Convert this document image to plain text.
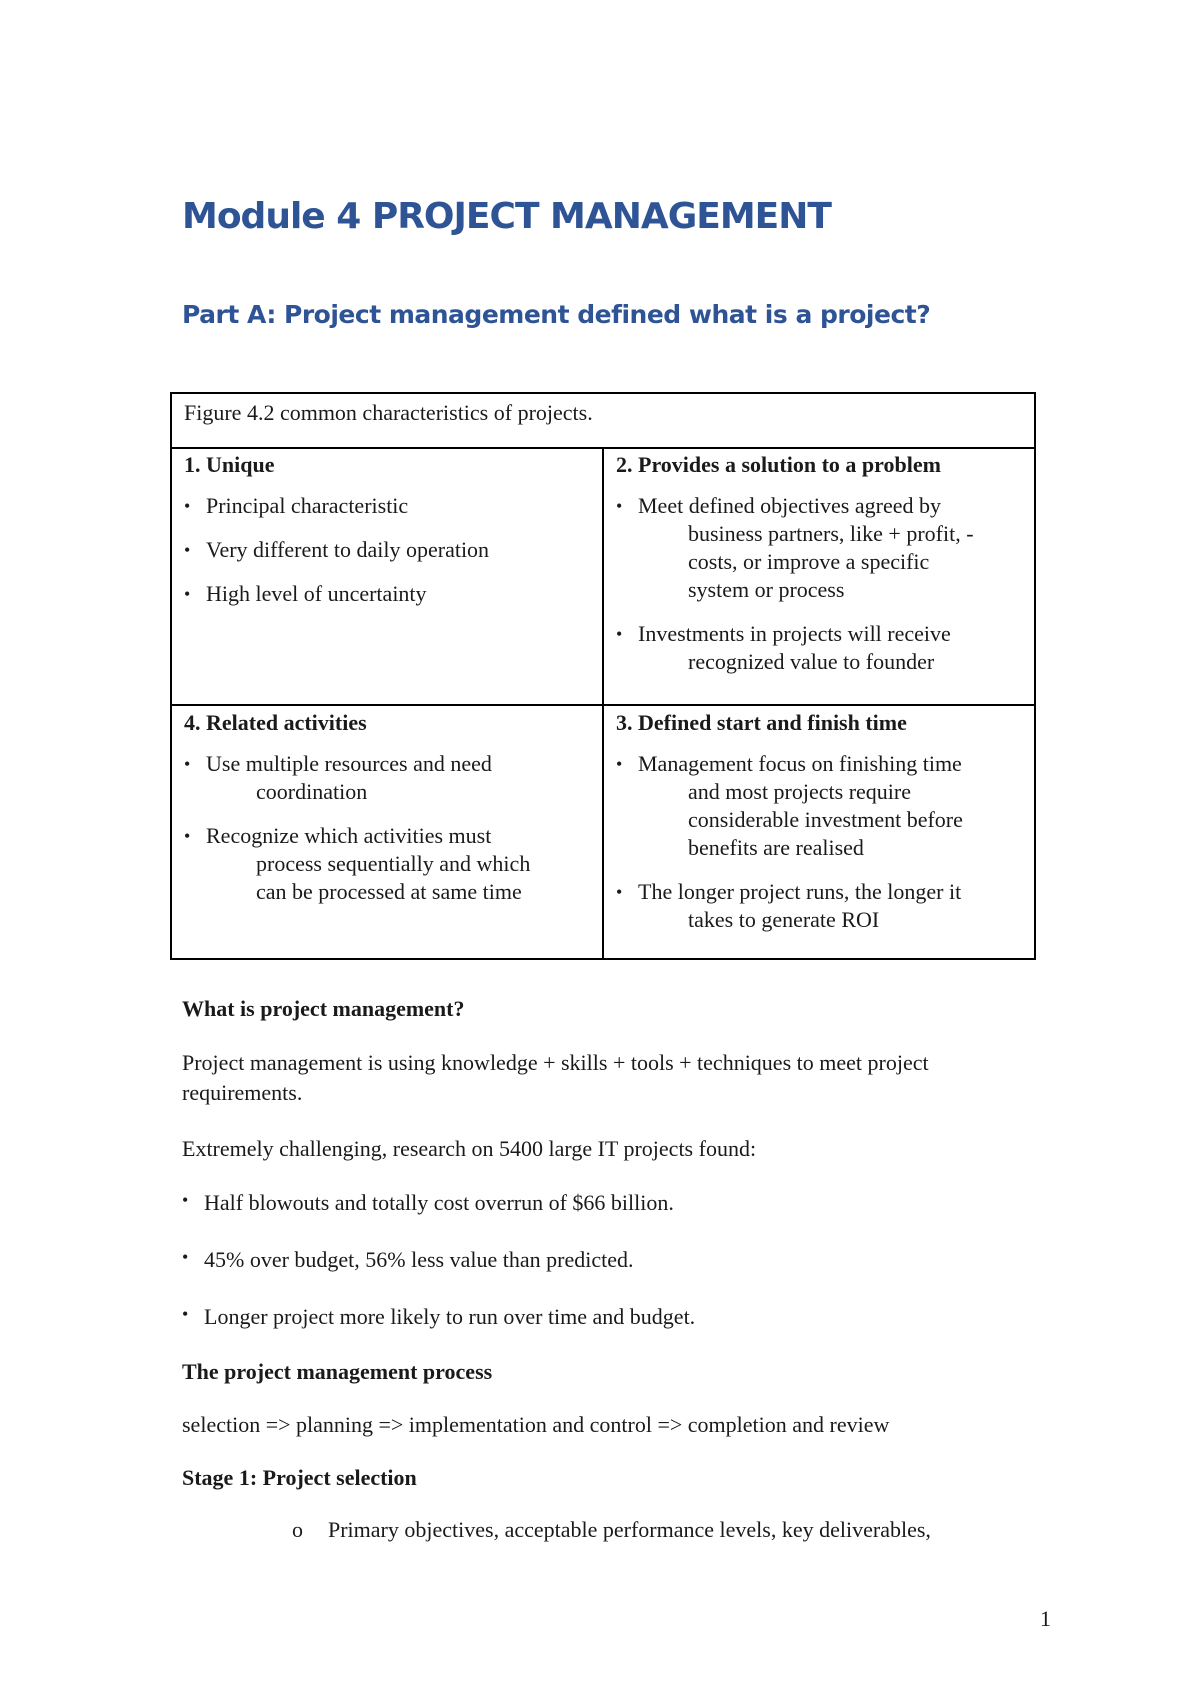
Module 4 PROJECT MANAGEMENT
Part A: Project management defined what is a project?
Figure 4.2 common characteristics of projects.

1. Unique

• Principal characteristic
• Very different to daily operation
• High level of uncertainty

2. Provides a solution to a problem

• Meet defined objectives agreed by
business partners, like + profit, -
costs, or improve a specific
system or process
• Investments in projects will receive
recognized value to founder

4. Related activities

• Use multiple resources and need
coordination
• Recognize which activities must
process sequentially and which
can be processed at same time

3. Defined start and finish time

• Management focus on finishing time
and most projects require
considerable investment before
benefits are realised
• The longer project runs, the longer it
takes to generate ROI

What is project management?

Project management is using knowledge + skills + tools + techniques to meet project

requirements.

Extremely challenging, research on 5400 large IT projects found:

• Half blowouts and totally cost overrun of $66 billion.
• 45% over budget, 56% less value than predicted.
• Longer project more likely to run over time and budget.

The project management process

selection => planning => implementation and control => completion and review

Stage 1: Project selection

o Primary objectives, acceptable performance levels, key deliverables,
1
